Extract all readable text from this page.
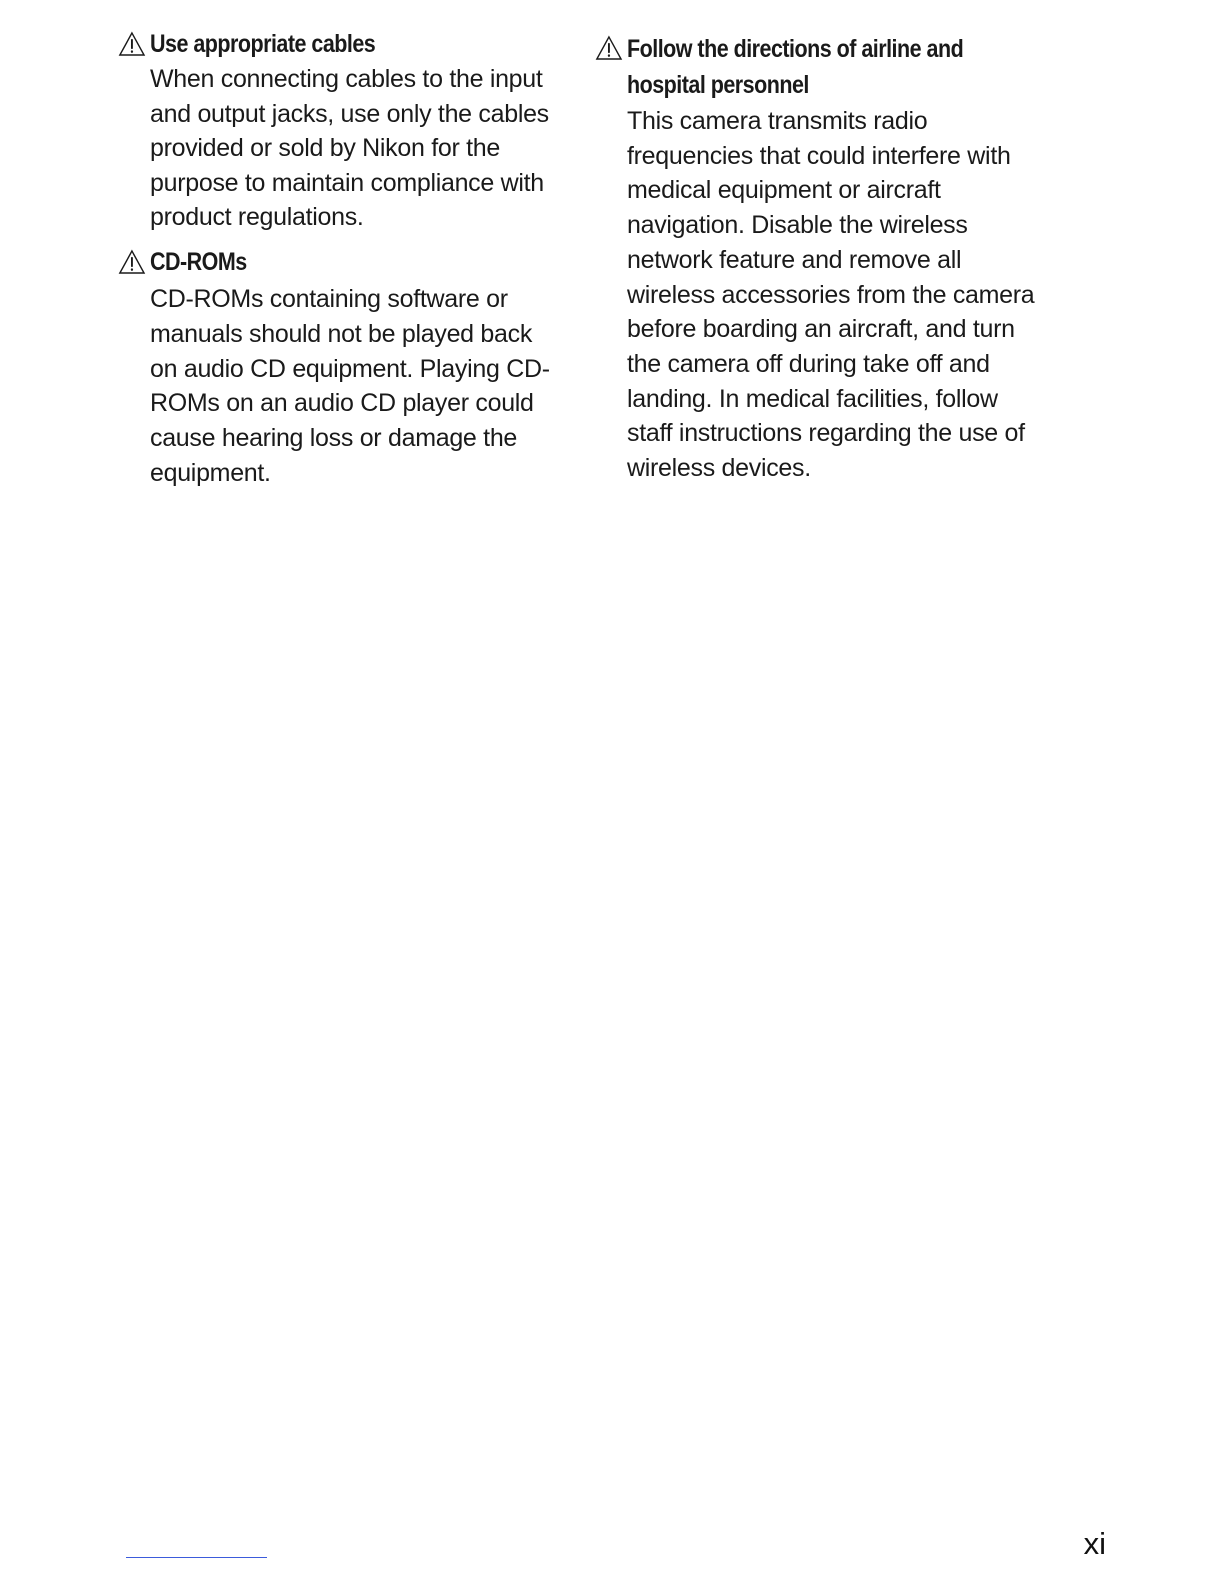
Use appropriate cables
When connecting cables to the input
and output jacks, use only the cables
provided or sold by Nikon for the
purpose to maintain compliance with
product regulations.
CD-ROMs
CD-ROMs containing software or
manuals should not be played back
on audio CD equipment. Playing CD-
ROMs on an audio CD player could
cause hearing loss or damage the
equipment.
Follow the directions of airline and
hospital personnel
This camera transmits radio
frequencies that could interfere with
medical equipment or aircraft
navigation. Disable the wireless
network feature and remove all
wireless accessories from the camera
before boarding an aircraft, and turn
the camera off during take off and
landing. In medical facilities, follow
staff instructions regarding the use of
wireless devices.
xi
